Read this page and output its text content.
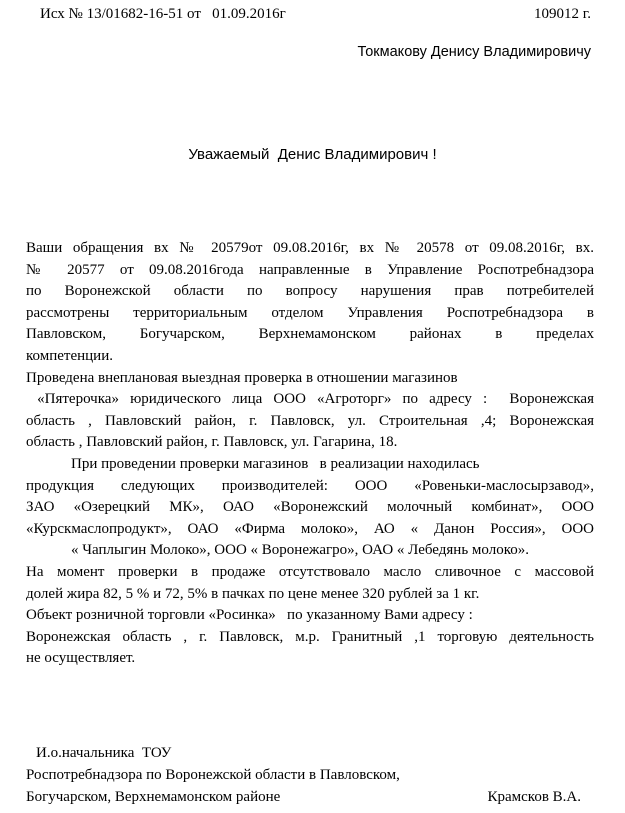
Исх № 13/01682-16-51 от   01.09.2016г	109012 г.
Токмакову Денису Владимировичу
Уважаемый  Денис Владимирович !
Ваши обращения вх № 20579от 09.08.2016г, вх № 20578 от 09.08.2016г, вх.
№ 20577 от 09.08.2016года направленные в Управление Роспотребнадзора
по Воронежской области по вопросу нарушения прав потребителей
рассмотрены территориальным отделом Управления Роспотребнадзора в
Павловском, Богучарском, Верхнемамонском районах в пределах
компетенции.
Проведена внеплановая выездная проверка в отношении магазинов
«Пятерочка» юридического лица ООО «Агроторг» по адресу :  Воронежская
область , Павловский район, г. Павловск, ул. Строительная ,4; Воронежская
область , Павловский район, г. Павловск, ул. Гагарина, 18.
При проведении проверки магазинов   в реализации находилась
продукция следующих производителей: ООО «Ровеньки-маслосырзавод»,
ЗАО «Озерецкий МК», ОАО «Воронежский молочный комбинат», ООО
«Курскмаслопродукт», ОАО «Фирма молоко», АО « Данон Россия», ООО
« Чаплыгин Молоко», ООО « Воронежагро», ОАО « Лебедянь молоко».
На момент проверки в продаже отсутствовало масло сливочное с массовой
долей жира 82, 5 % и 72, 5% в пачках по цене менее 320 рублей за 1 кг.
Объект розничной торговли «Росинка»   по указанному Вами адресу :
Воронежская область , г. Павловск, м.р. Гранитный ,1 торговую деятельность
не осуществляет.
И.о.начальника  ТОУ
Роспотребнадзора по Воронежской области в Павловском,
Богучарском, Верхнемамонском районе	Крамсков В.А.
